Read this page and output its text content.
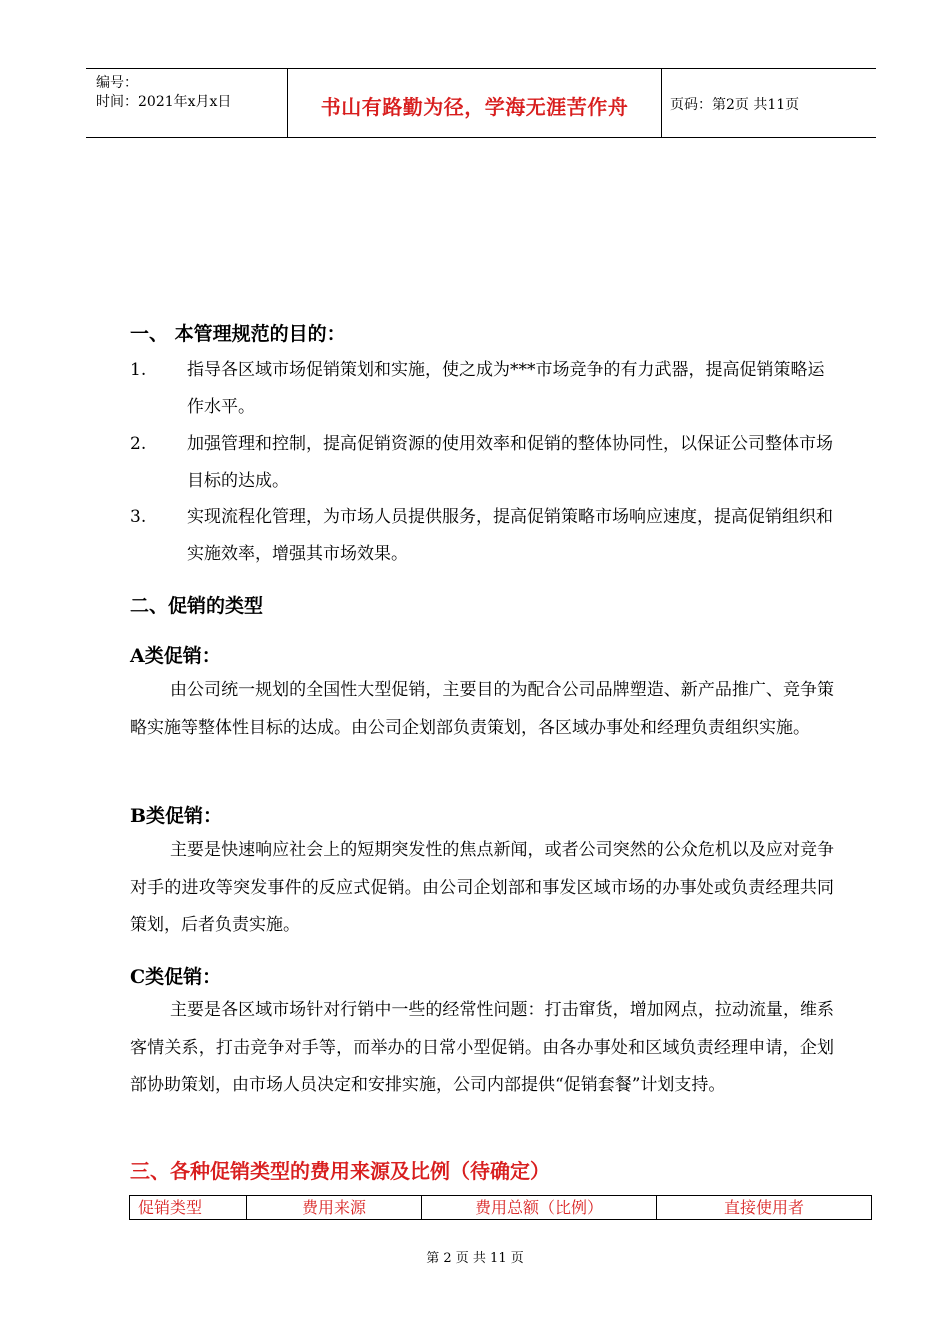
编号：
时间：2021年x月x日	书山有路勤为径，学海无涯苦作舟	页码：第2页 共11页
一、 本管理规范的目的：
1.	指导各区域市场促销策划和实施，使之成为***市场竞争的有力武器，提高促销策略运作水平。
2.	加强管理和控制，提高促销资源的使用效率和促销的整体协同性，以保证公司整体市场目标的达成。
3.	实现流程化管理，为市场人员提供服务，提高促销策略市场响应速度，提高促销组织和实施效率，增强其市场效果。
二、促销的类型
A类促销：
由公司统一规划的全国性大型促销，主要目的为配合公司品牌塑造、新产品推广、竞争策略实施等整体性目标的达成。由公司企划部负责策划，各区域办事处和经理负责组织实施。
B类促销：
主要是快速响应社会上的短期突发性的焦点新闻，或者公司突然的公众危机以及应对竞争对手的进攻等突发事件的反应式促销。由公司企划部和事发区域市场的办事处或负责经理共同策划，后者负责实施。
C类促销：
主要是各区域市场针对行销中一些的经常性问题：打击窜货，增加网点，拉动流量，维系客情关系，打击竞争对手等，而举办的日常小型促销。由各办事处和区域负责经理申请，企划部协助策划，由市场人员决定和安排实施，公司内部提供“促销套餐”计划支持。
三、各种促销类型的费用来源及比例（待确定）
促销类型	费用来源	费用总额（比例）	直接使用者
第 2 页 共 11 页
